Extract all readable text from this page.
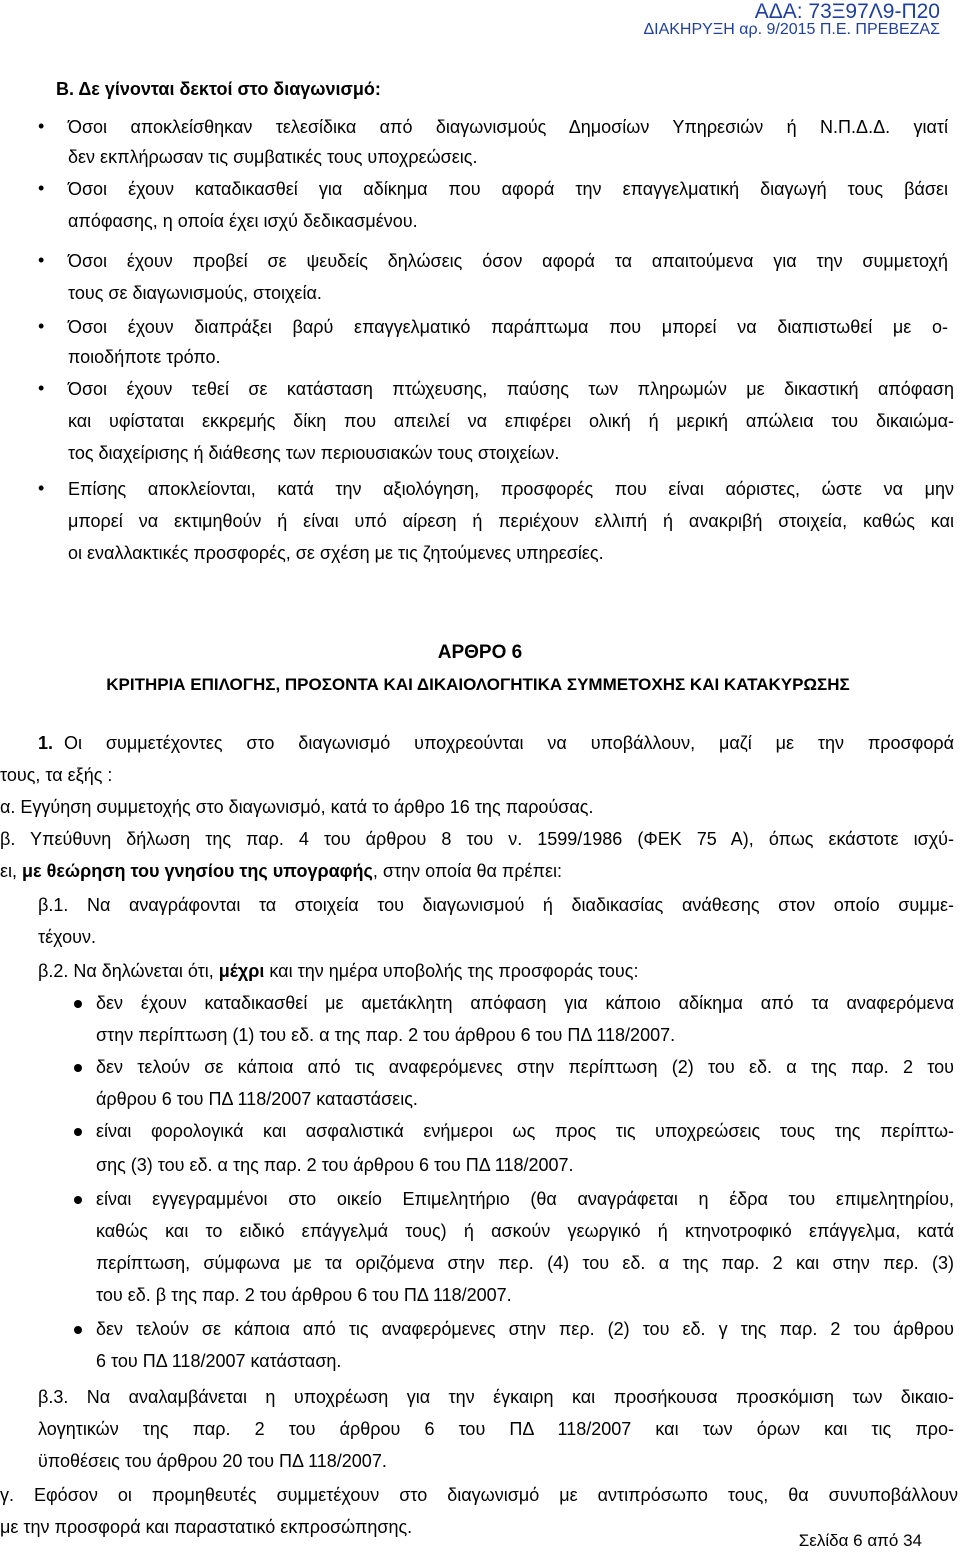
ΑΔΑ: 73Ξ97Λ9-Π20
ΔΙΑΚΗΡΥΞΗ αρ. 9/2015 Π.Ε. ΠΡΕΒΕΖΑΣ
Β. Δε γίνονται δεκτοί στο διαγωνισμό:
• Όσοι αποκλείσθηκαν τελεσίδικα από διαγωνισμούς Δημοσίων Υπηρεσιών ή Ν.Π.Δ.Δ. γιατί
δεν εκπλήρωσαν τις συμβατικές τους υποχρεώσεις.
• Όσοι έχουν καταδικασθεί για αδίκημα που αφορά την επαγγελματική διαγωγή τους βάσει
απόφασης, η οποία έχει ισχύ δεδικασμένου.
• Όσοι έχουν προβεί σε ψευδείς δηλώσεις όσον αφορά τα απαιτούμενα για την συμμετοχή
τους σε διαγωνισμούς, στοιχεία.
• Όσοι έχουν διαπράξει βαρύ επαγγελματικό παράπτωμα που μπορεί να διαπιστωθεί με ο-
ποιοδήποτε τρόπο.
• Όσοι έχουν τεθεί σε κατάσταση πτώχευσης, παύσης των πληρωμών με δικαστική απόφαση
και υφίσταται εκκρεμής δίκη που απειλεί να επιφέρει ολική ή μερική απώλεια του δικαιώμα-
τος διαχείρισης ή διάθεσης των περιουσιακών τους στοιχείων.
• Επίσης αποκλείονται, κατά την αξιολόγηση, προσφορές που είναι αόριστες, ώστε να μην
μπορεί να εκτιμηθούν ή είναι υπό αίρεση ή περιέχουν ελλιπή ή ανακριβή στοιχεία, καθώς και
οι εναλλακτικές προσφορές, σε σχέση με τις ζητούμενες υπηρεσίες.
ΑΡΘΡΟ 6
ΚΡΙΤΗΡΙΑ ΕΠΙΛΟΓΗΣ, ΠΡΟΣΟΝΤΑ ΚΑΙ ΔΙΚΑΙΟΛΟΓΗΤΙΚΑ ΣΥΜΜΕΤΟΧΗΣ ΚΑΙ ΚΑΤΑΚΥΡΩΣΗΣ
1. Οι συμμετέχοντες στο διαγωνισμό υποχρεούνται να υποβάλλουν, μαζί με την προσφορά
τους, τα εξής :
α. Εγγύηση συμμετοχής στο διαγωνισμό, κατά το άρθρο 16 της παρούσας.
β. Υπεύθυνη δήλωση της παρ. 4 του άρθρου 8 του ν. 1599/1986 (ΦΕΚ 75 Α), όπως εκάστοτε ισχύ-
ει, με θεώρηση του γνησίου της υπογραφής, στην οποία θα πρέπει:
β.1. Να αναγράφονται τα στοιχεία του διαγωνισμού ή διαδικασίας ανάθεσης στον οποίο συμμε-
τέχουν.
β.2. Να δηλώνεται ότι, μέχρι και την ημέρα υποβολής της προσφοράς τους:
δεν έχουν καταδικασθεί με αμετάκλητη απόφαση για κάποιο αδίκημα από τα αναφερόμενα
στην περίπτωση (1) του εδ. α της παρ. 2 του άρθρου 6 του ΠΔ 118/2007.
δεν τελούν σε κάποια από τις αναφερόμενες στην περίπτωση (2) του εδ. α της παρ. 2 του
άρθρου 6 του ΠΔ 118/2007 καταστάσεις.
είναι φορολογικά και ασφαλιστικά ενήμεροι ως προς τις υποχρεώσεις τους της περίπτω-
σης (3) του εδ. α της παρ. 2 του άρθρου 6 του ΠΔ 118/2007.
είναι εγγεγραμμένοι στο οικείο Επιμελητήριο (θα αναγράφεται η έδρα του επιμελητηρίου,
καθώς και το ειδικό επάγγελμά τους) ή ασκούν γεωργικό ή κτηνοτροφικό επάγγελμα, κατά
περίπτωση, σύμφωνα με τα οριζόμενα στην περ. (4) του εδ. α της παρ. 2 και στην περ. (3)
του εδ. β της παρ. 2 του άρθρου 6 του ΠΔ 118/2007.
δεν τελούν σε κάποια από τις αναφερόμενες στην περ. (2) του εδ. γ της παρ. 2 του άρθρου
6 του ΠΔ 118/2007 κατάσταση.
β.3. Να αναλαμβάνεται η υποχρέωση για την έγκαιρη και προσήκουσα προσκόμιση των δικαιο-
λογητικών της παρ. 2 του άρθρου 6 του ΠΔ 118/2007 και των όρων και τις προ-
ϋποθέσεις του άρθρου 20 του ΠΔ 118/2007.
γ. Εφόσον οι προμηθευτές συμμετέχουν στο διαγωνισμό με αντιπρόσωπο τους, θα συνυποβάλλουν
με την προσφορά και παραστατικό εκπροσώπησης.
Σελίδα 6 από 34
